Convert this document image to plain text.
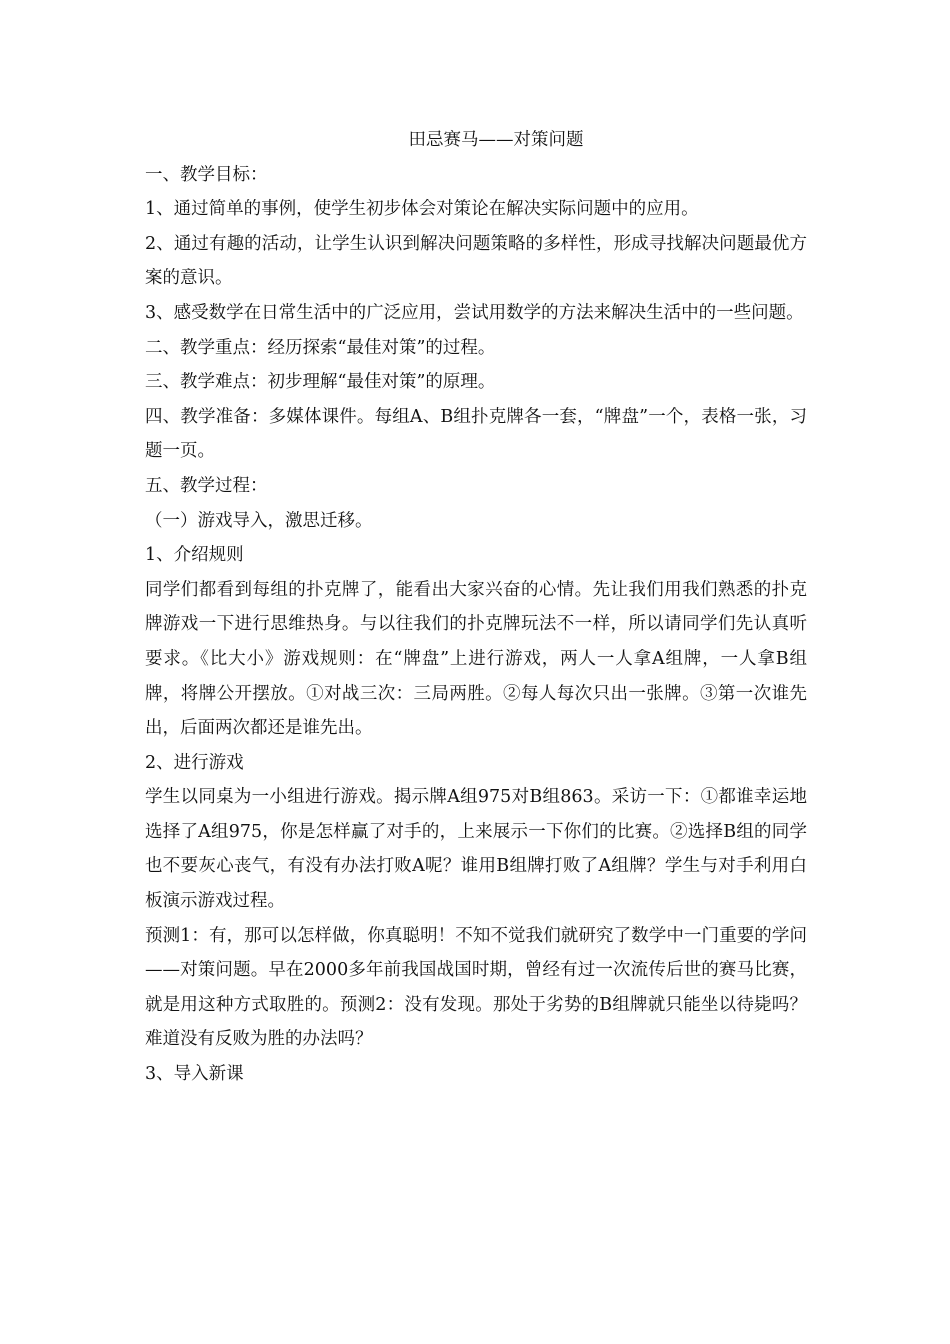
田忌赛马——对策问题

一、教学目标：

1、通过简单的事例，使学生初步体会对策论在解决实际问题中的应用。

2、通过有趣的活动，让学生认识到解决问题策略的多样性，形成寻找解决问题最优方案的意识。

3、感受数学在日常生活中的广泛应用，尝试用数学的方法来解决生活中的一些问题。

二、教学重点：经历探索“最佳对策”的过程。

三、教学难点：初步理解“最佳对策”的原理。

四、教学准备：多媒体课件。每组A、B组扑克牌各一套，“牌盘”一个，表格一张，习题一页。

五、教学过程：

（一）游戏导入，激思迁移。

1、介绍规则

同学们都看到每组的扑克牌了，能看出大家兴奋的心情。先让我们用我们熟悉的扑克牌游戏一下进行思维热身。与以往我们的扑克牌玩法不一样，所以请同学们先认真听要求。《比大小》游戏规则：在“牌盘”上进行游戏，两人一人拿A组牌，一人拿B组牌，将牌公开摆放。①对战三次：三局两胜。②每人每次只出一张牌。③第一次谁先出，后面两次都还是谁先出。

2、进行游戏

学生以同桌为一小组进行游戏。揭示牌A组975对B组863。采访一下：①都谁幸运地选择了A组975，你是怎样赢了对手的，上来展示一下你们的比赛。②选择B组的同学也不要灰心丧气，有没有办法打败A呢？谁用B组牌打败了A组牌？学生与对手利用白板演示游戏过程。

预测1：有，那可以怎样做，你真聪明！不知不觉我们就研究了数学中一门重要的学问——对策问题。早在2000多年前我国战国时期，曾经有过一次流传后世的赛马比赛，就是用这种方式取胜的。预测2：没有发现。那处于劣势的B组牌就只能坐以待毙吗？难道没有反败为胜的办法吗？

3、导入新课
